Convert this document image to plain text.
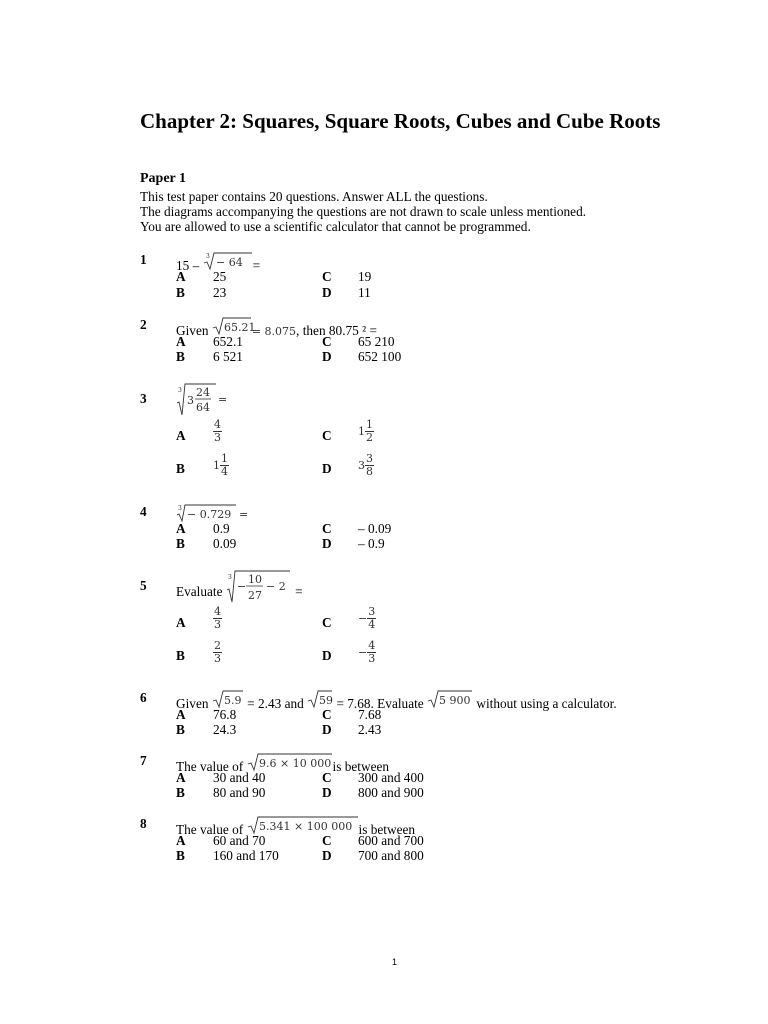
Chapter 2: Squares, Square Roots, Cubes and Cube Roots
Paper 1
This test paper contains 20 questions. Answer ALL the questions.
The diagrams accompanying the questions are not drawn to scale unless mentioned.
You are allowed to use a scientific calculator that cannot be programmed.
1 15 –
3 − 64 =
A 25	C 19
B 23	D 11
2 Given 65.21
= 8.075, then 80.75 ² =
A 652.1	C 65 210
B 6 521	D 652 100
3
3
3
24
64
=
A $\frac{4}{3}$	C $1 \frac{1}{2}$
B	$1 \frac{1}{4}$	D $3 \frac{3}{8}$
4	3 − 0.729 =
A 0.9	C – 0.09
B 0.09	D – 0.9
5 Evaluate
3
−
10
27
− 2 =
A $\frac{4}{3}$	$C - \frac{3}{4}$
B	$\frac{2}{3}$	$D - \frac{4}{3}$
6 Given 5.9 = 2.43 and 59 = 7.68. Evaluate 5 900 without using a calculator.
A 76.8	C 7.68
B 24.3	D 2.43
7 The value of 9.6 × 10 000 is between
A 30 and 40	C 300 and 400
B 80 and 90	D 800 and 900
8 The value of 5.341 × 100 000 is between
A 60 and 70	C 600 and 700
B 160 and 170	D 700 and 800
1
